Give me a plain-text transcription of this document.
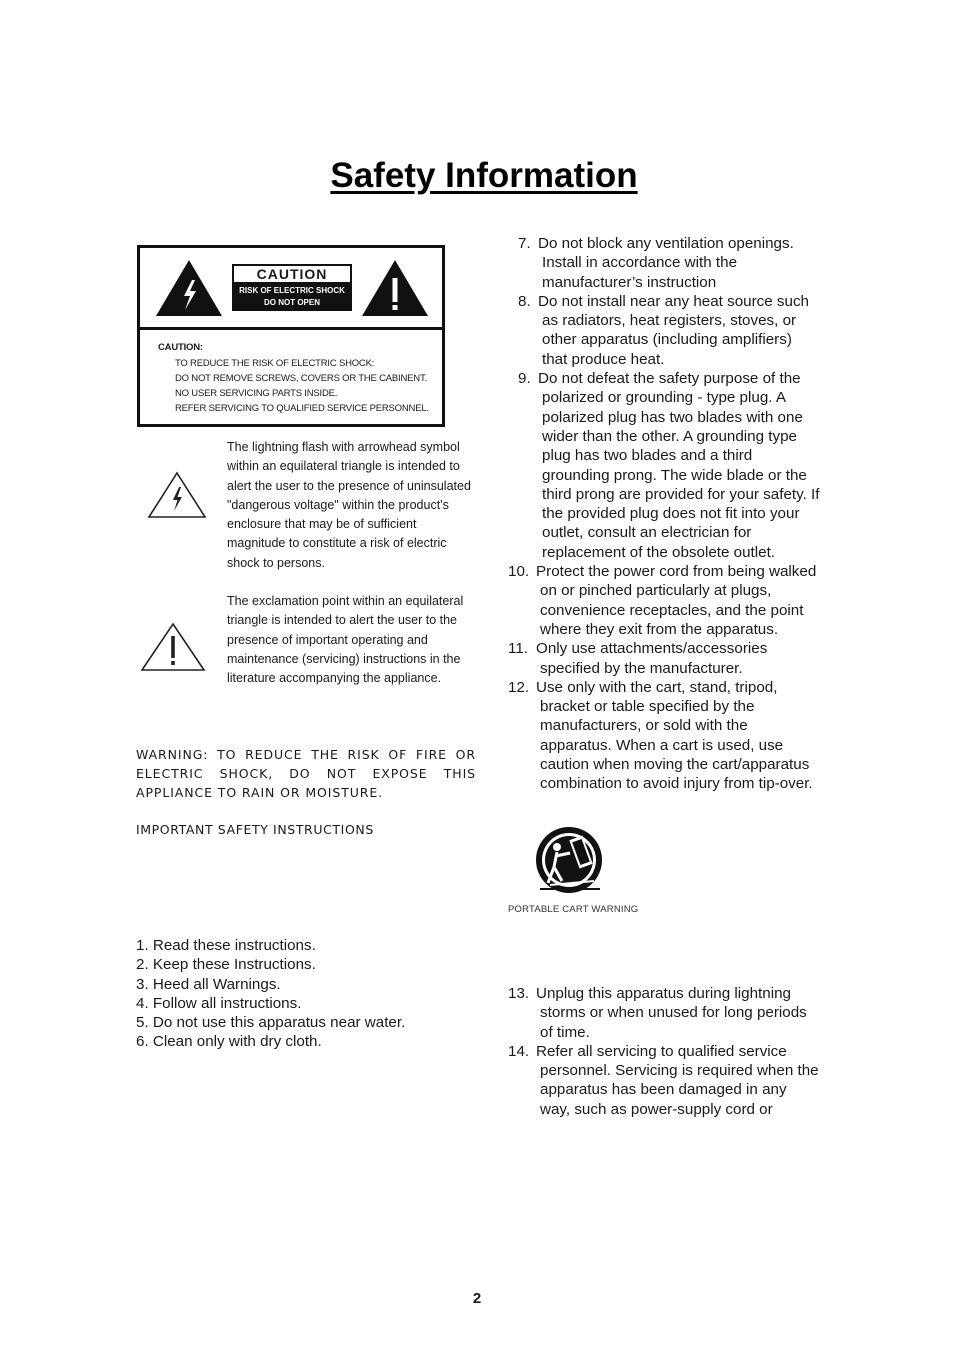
Safety Information
CAUTION
RISK OF ELECTRIC SHOCK
DO NOT OPEN
CAUTION:
TO REDUCE THE RISK OF ELECTRIC SHOCK:
DO NOT REMOVE SCREWS, COVERS OR THE CABINENT.
NO USER SERVICING PARTS INSIDE.
REFER SERVICING TO QUALIFIED SERVICE PERSONNEL.
The lightning flash with arrowhead symbol
within an equilateral triangle is intended to
alert the user to the presence of uninsulated
"dangerous voltage" within the product's
enclosure that may be of sufficient
magnitude to constitute a risk of electric
shock to persons.
The exclamation point within an equilateral
triangle is intended to alert the user to the
presence of important operating and
maintenance (servicing) instructions in the
literature accompanying the appliance.
WARNING: TO REDUCE THE RISK OF FIRE OR
ELECTRIC SHOCK, DO NOT EXPOSE THIS
APPLIANCE TO RAIN OR MOISTURE.
IMPORTANT SAFETY INSTRUCTIONS
1. Read these instructions.
2. Keep these Instructions.
3. Heed all Warnings.
4. Follow all instructions.
5. Do not use this apparatus near water.
6. Clean only with dry cloth.
7. Do not block any ventilation openings.
Install in accordance with the
manufacturer’s instruction
8. Do not install near any heat source such
as radiators, heat registers, stoves, or
other apparatus (including amplifiers)
that produce heat.
9. Do not defeat the safety purpose of the
polarized or grounding - type plug. A
polarized plug has two blades with one
wider than the other. A grounding type
plug has two blades and a third
grounding prong. The wide blade or the
third prong are provided for your safety. If
the provided plug does not fit into your
outlet, consult an electrician for
replacement of the obsolete outlet.
10. Protect the power cord from being walked
on or pinched particularly at plugs,
convenience receptacles, and the point
where they exit from the apparatus.
11. Only use attachments/accessories
specified by the manufacturer.
12. Use only with the cart, stand, tripod,
bracket or table specified by the
manufacturers, or sold with the
apparatus. When a cart is used, use
caution when moving the cart/apparatus
combination to avoid injury from tip-over.
PORTABLE CART WARNING
13. Unplug this apparatus during lightning
storms or when unused for long periods
of time.
14. Refer all servicing to qualified service
personnel. Servicing is required when the
apparatus has been damaged in any
way, such as power-supply cord or
2
